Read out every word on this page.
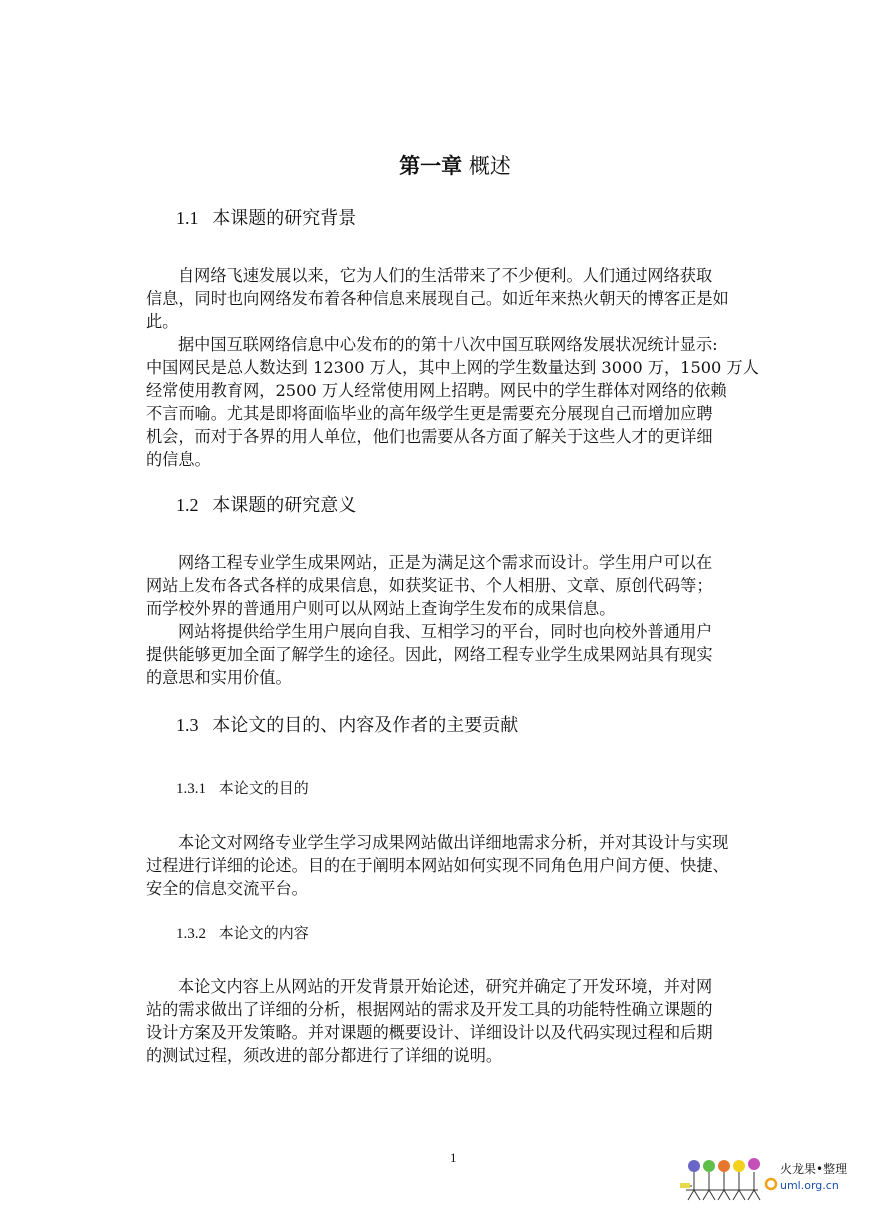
第一章 概述
1.1 本课题的研究背景
自网络飞速发展以来，它为人们的生活带来了不少便利。人们通过网络获取
信息，同时也向网络发布着各种信息来展现自己。如近年来热火朝天的博客正是如
此。
据中国互联网络信息中心发布的的第十八次中国互联网络发展状况统计显示:
中国网民是总人数达到 12300 万人，其中上网的学生数量达到 3000 万，1500 万人
经常使用教育网，2500 万人经常使用网上招聘。网民中的学生群体对网络的依赖
不言而喻。尤其是即将面临毕业的高年级学生更是需要充分展现自己而增加应聘
机会，而对于各界的用人单位，他们也需要从各方面了解关于这些人才的更详细
的信息。
1.2 本课题的研究意义
网络工程专业学生成果网站，正是为满足这个需求而设计。学生用户可以在
网站上发布各式各样的成果信息，如获奖证书、个人相册、文章、原创代码等；
而学校外界的普通用户则可以从网站上查询学生发布的成果信息。
网站将提供给学生用户展向自我、互相学习的平台，同时也向校外普通用户
提供能够更加全面了解学生的途径。因此，网络工程专业学生成果网站具有现实
的意思和实用价值。
1.3 本论文的目的、内容及作者的主要贡献
1.3.1 本论文的目的
本论文对网络专业学生学习成果网站做出详细地需求分析，并对其设计与实现
过程进行详细的论述。目的在于阐明本网站如何实现不同角色用户间方便、快捷、
安全的信息交流平台。
1.3.2 本论文的内容
本论文内容上从网站的开发背景开始论述，研究并确定了开发环境，并对网
站的需求做出了详细的分析，根据网站的需求及开发工具的功能特性确立课题的
设计方案及开发策略。并对课题的概要设计、详细设计以及代码实现过程和后期
的测试过程，须改进的部分都进行了详细的说明。
1
火龙果•整理
uml.org.cn
